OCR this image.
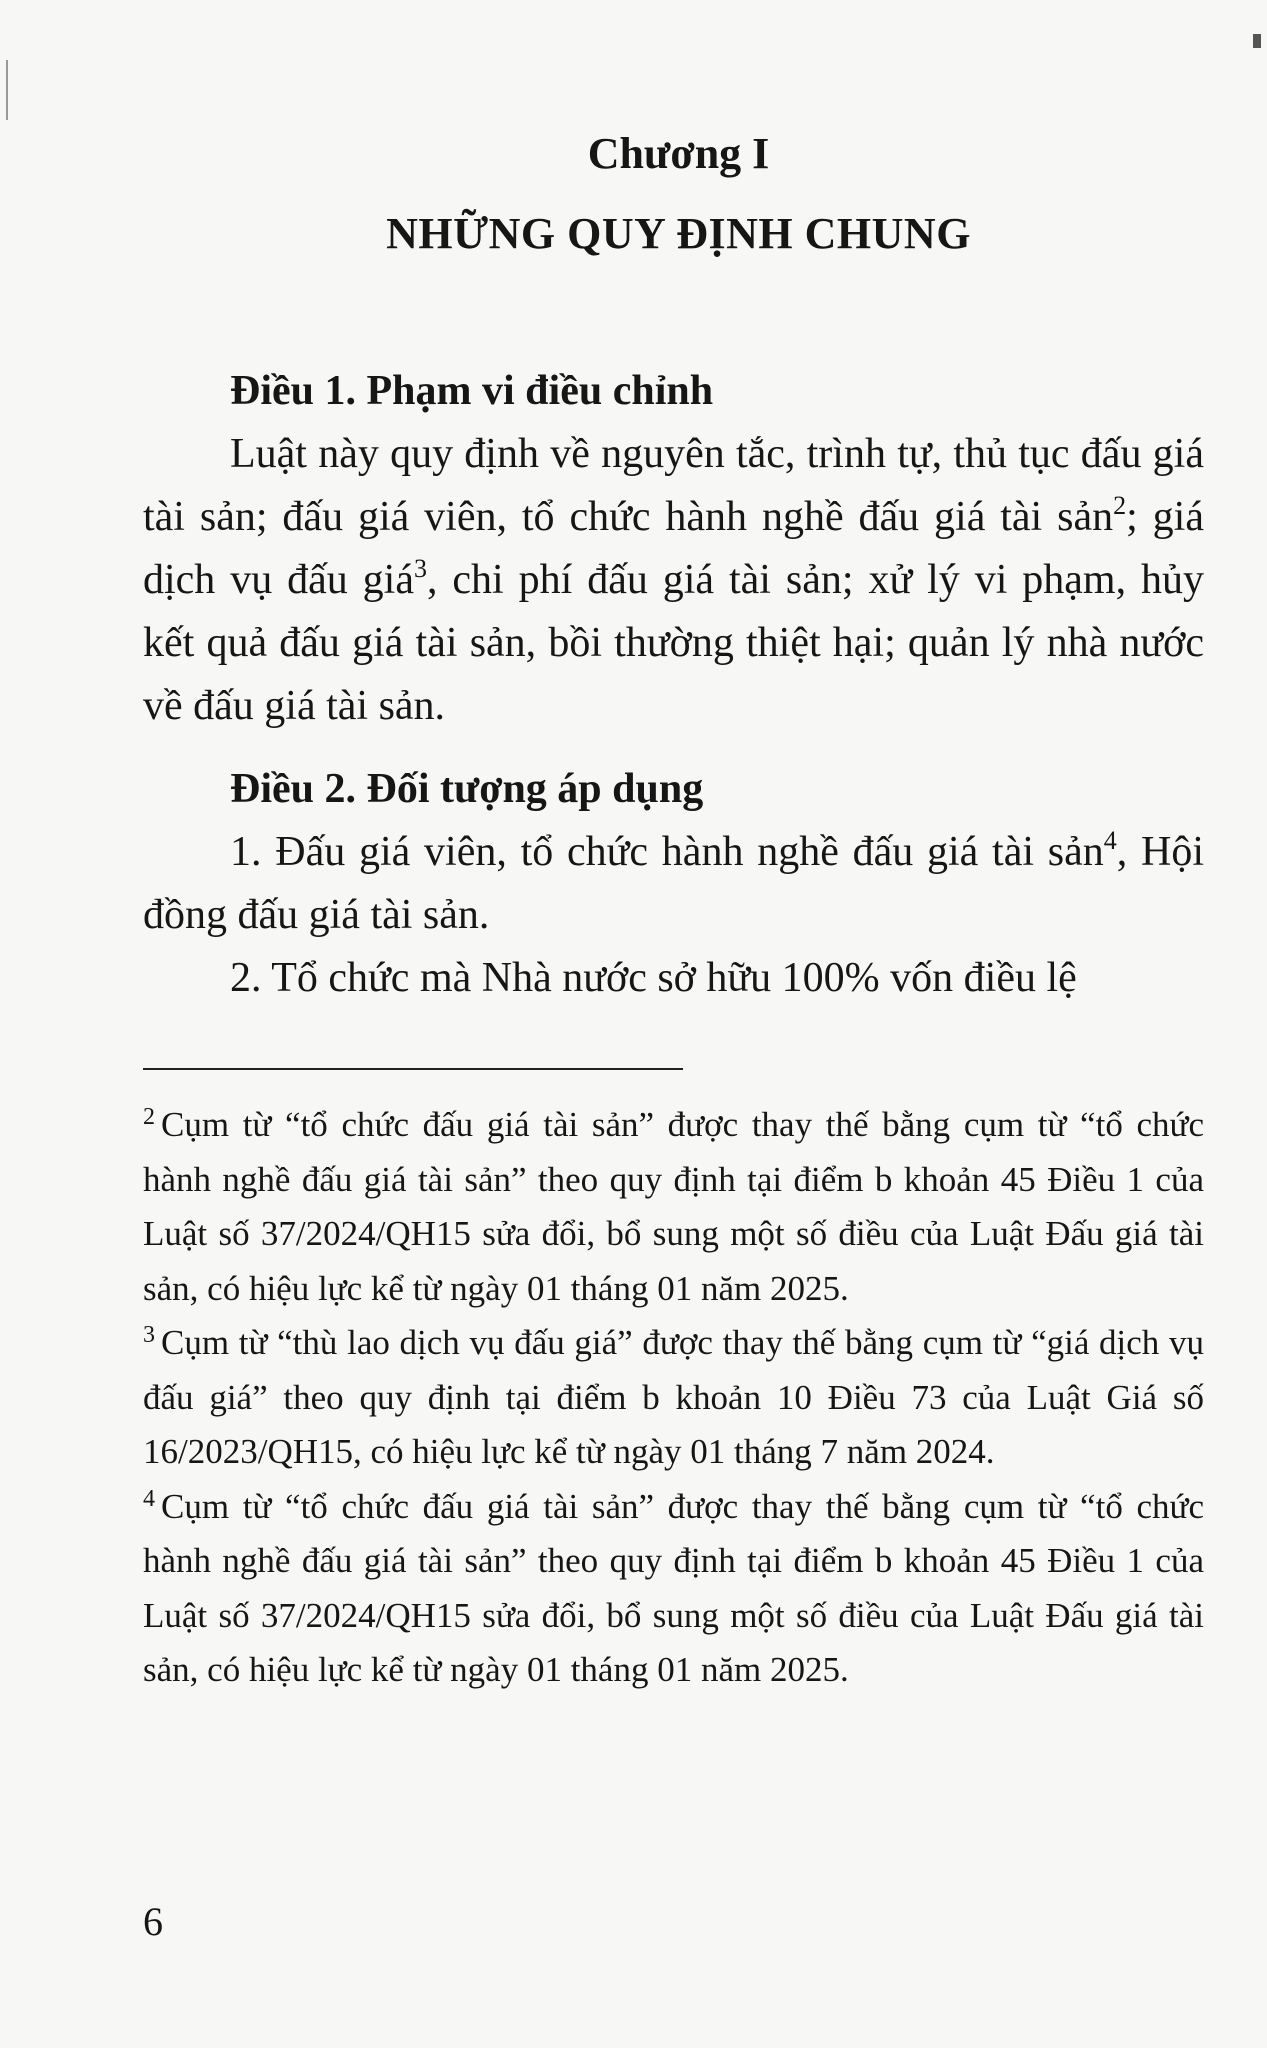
Chương I
NHỮNG QUY ĐỊNH CHUNG

Điều 1. Phạm vi điều chỉnh

Luật này quy định về nguyên tắc, trình tự, thủ tục đấu giá tài sản; đấu giá viên, tổ chức hành nghề đấu giá tài sản$^2$; giá dịch vụ đấu giá$^3$, chi phí đấu giá tài sản; xử lý vi phạm, hủy kết quả đấu giá tài sản, bồi thường thiệt hại; quản lý nhà nước về đấu giá tài sản.

Điều 2. Đối tượng áp dụng

1. Đấu giá viên, tổ chức hành nghề đấu giá tài sản$^4$, Hội đồng đấu giá tài sản.

2. Tổ chức mà Nhà nước sở hữu 100% vốn điều lệ

$^2$ Cụm từ “tổ chức đấu giá tài sản” được thay thế bằng cụm từ “tổ chức hành nghề đấu giá tài sản” theo quy định tại điểm b khoản 45 Điều 1 của Luật số 37/2024/QH15 sửa đổi, bổ sung một số điều của Luật Đấu giá tài sản, có hiệu lực kể từ ngày 01 tháng 01 năm 2025.

$^3$ Cụm từ “thù lao dịch vụ đấu giá” được thay thế bằng cụm từ “giá dịch vụ đấu giá” theo quy định tại điểm b khoản 10 Điều 73 của Luật Giá số 16/2023/QH15, có hiệu lực kể từ ngày 01 tháng 7 năm 2024.

$^4$ Cụm từ “tổ chức đấu giá tài sản” được thay thế bằng cụm từ “tổ chức hành nghề đấu giá tài sản” theo quy định tại điểm b khoản 45 Điều 1 của Luật số 37/2024/QH15 sửa đổi, bổ sung một số điều của Luật Đấu giá tài sản, có hiệu lực kể từ ngày 01 tháng 01 năm 2025.

6
